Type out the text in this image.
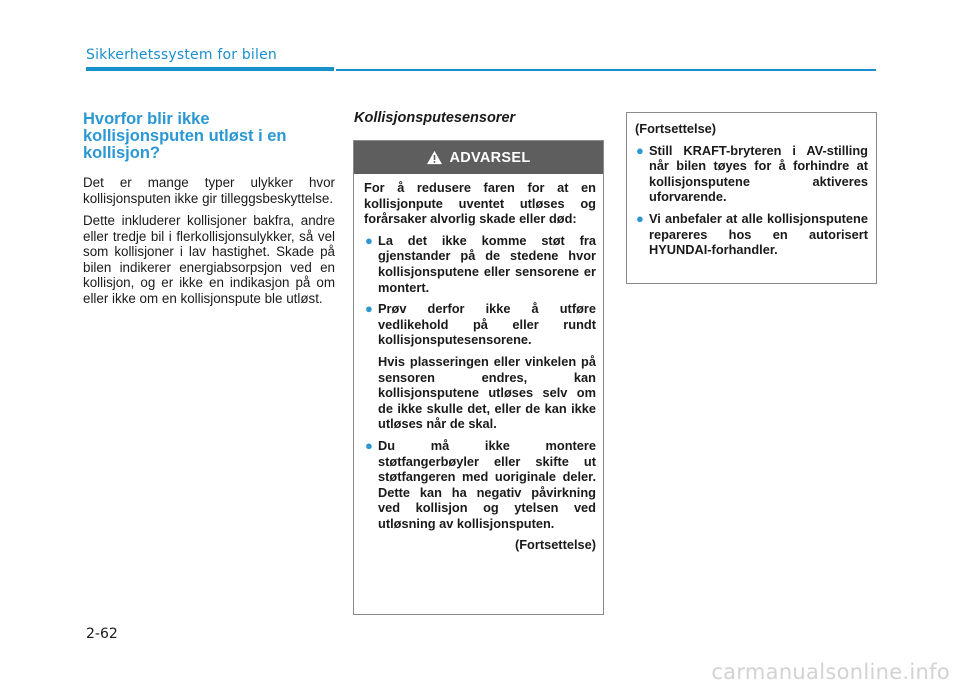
Sikkerhetssystem for bilen
Hvorfor blir ikke kollisjonsputen utløst i en kollisjon?

Det er mange typer ulykker hvor kollisjonsputen ikke gir tilleggsbeskyttelse.

Dette inkluderer kollisjoner bakfra, andre eller tredje bil i flerkollisjonsulykker, så vel som kollisjoner i lav hastighet. Skade på bilen indikerer energiabsorpsjon ved en kollisjon, og er ikke en indikasjon på om eller ikke om en kollisjonspute ble utløst.

Kollisjonsputesensorer
ADVARSEL

For å redusere faren for at en kollisjonpute uventet utløses og forårsaker alvorlig skade eller død:

● La det ikke komme støt fra gjenstander på de stedene hvor kollisjonsputene eller sensorene er montert.
● Prøv derfor ikke å utføre vedlikehold på eller rundt kollisjonsputesensorene.
Hvis plasseringen eller vinkelen på sensoren endres, kan kollisjonsputene utløses selv om de ikke skulle det, eller de kan ikke utløses når de skal.
● Du må ikke montere støtfangerbøyler eller skifte ut støtfangeren med uoriginale deler. Dette kan ha negativ påvirkning ved kollisjon og ytelsen ved utløsning av kollisjonsputen.
(Fortsettelse)

(Fortsettelse)

● Still KRAFT-bryteren i AV-stilling når bilen tøyes for å forhindre at kollisjonsputene aktiveres uforvarende.
● Vi anbefaler at alle kollisjonsputene repareres hos en autorisert HYUNDAI-forhandler.
2-62
carmanualsonline.info
